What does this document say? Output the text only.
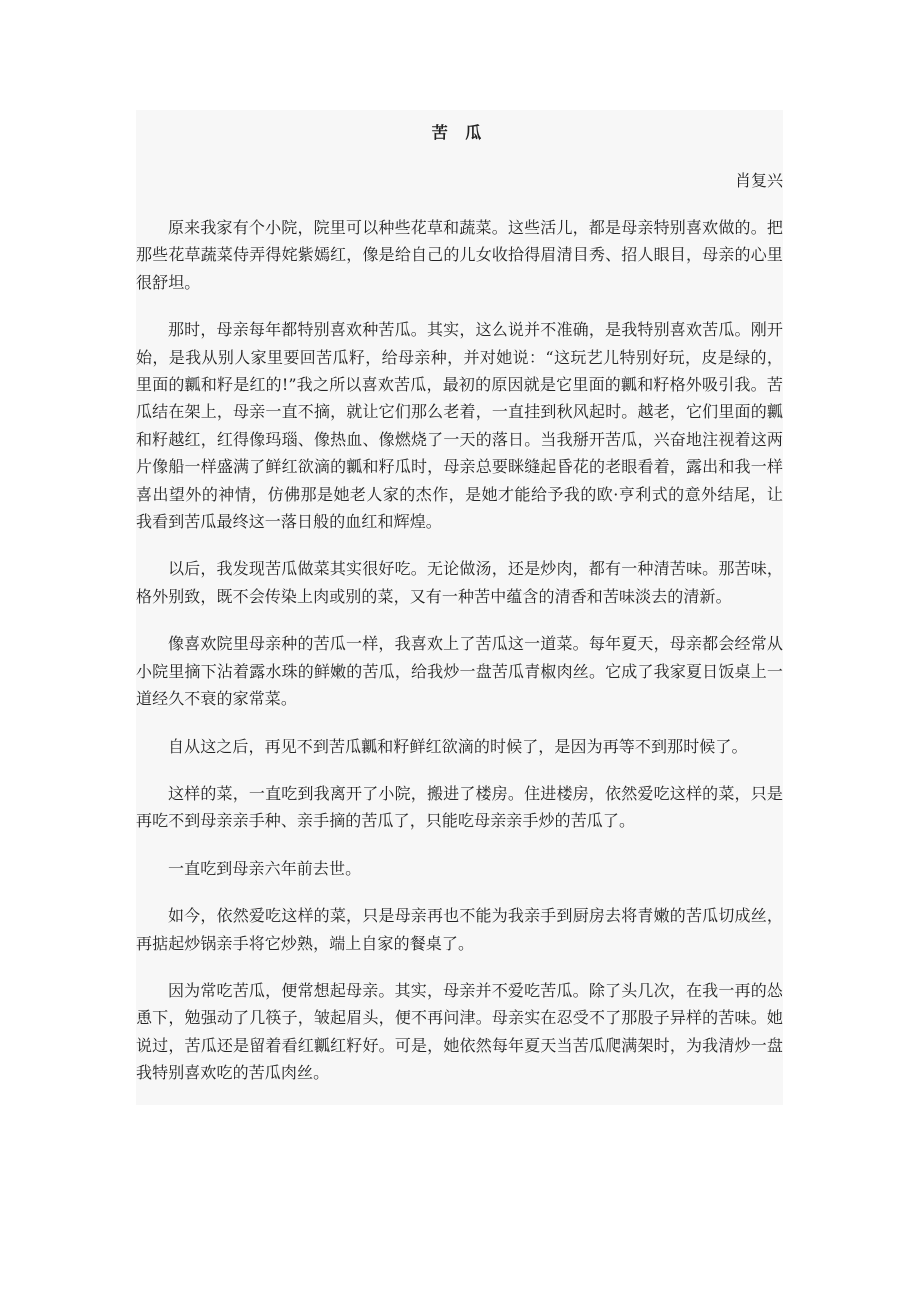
苦 瓜
肖复兴

原来我家有个小院，院里可以种些花草和蔬菜。这些活儿，都是母亲特别喜欢做的。把那些花草蔬菜侍弄得姹紫嫣红，像是给自己的儿女收拾得眉清目秀、招人眼目，母亲的心里很舒坦。

那时，母亲每年都特别喜欢种苦瓜。其实，这么说并不准确，是我特别喜欢苦瓜。刚开始，是我从别人家里要回苦瓜籽，给母亲种，并对她说：“这玩艺儿特别好玩，皮是绿的，里面的瓤和籽是红的!”我之所以喜欢苦瓜，最初的原因就是它里面的瓤和籽格外吸引我。苦瓜结在架上，母亲一直不摘，就让它们那么老着，一直挂到秋风起时。越老，它们里面的瓤和籽越红，红得像玛瑙、像热血、像燃烧了一天的落日。当我掰开苦瓜，兴奋地注视着这两片像船一样盛满了鲜红欲滴的瓤和籽瓜时，母亲总要眯缝起昏花的老眼看着，露出和我一样喜出望外的神情，仿佛那是她老人家的杰作，是她才能给予我的欧·亨利式的意外结尾，让我看到苦瓜最终这一落日般的血红和辉煌。

以后，我发现苦瓜做菜其实很好吃。无论做汤，还是炒肉，都有一种清苦味。那苦味，格外别致，既不会传染上肉或别的菜，又有一种苦中蕴含的清香和苦味淡去的清新。

像喜欢院里母亲种的苦瓜一样，我喜欢上了苦瓜这一道菜。每年夏天，母亲都会经常从小院里摘下沾着露水珠的鲜嫩的苦瓜，给我炒一盘苦瓜青椒肉丝。它成了我家夏日饭桌上一道经久不衰的家常菜。

自从这之后，再见不到苦瓜瓤和籽鲜红欲滴的时候了，是因为再等不到那时候了。

这样的菜，一直吃到我离开了小院，搬进了楼房。住进楼房，依然爱吃这样的菜，只是再吃不到母亲亲手种、亲手摘的苦瓜了，只能吃母亲亲手炒的苦瓜了。

一直吃到母亲六年前去世。

如今，依然爱吃这样的菜，只是母亲再也不能为我亲手到厨房去将青嫩的苦瓜切成丝，再掂起炒锅亲手将它炒熟，端上自家的餐桌了。

因为常吃苦瓜，便常想起母亲。其实，母亲并不爱吃苦瓜。除了头几次，在我一再的怂恿下，勉强动了几筷子，皱起眉头，便不再问津。母亲实在忍受不了那股子异样的苦味。她说过，苦瓜还是留着看红瓤红籽好。可是，她依然每年夏天当苦瓜爬满架时，为我清炒一盘我特别喜欢吃的苦瓜肉丝。
